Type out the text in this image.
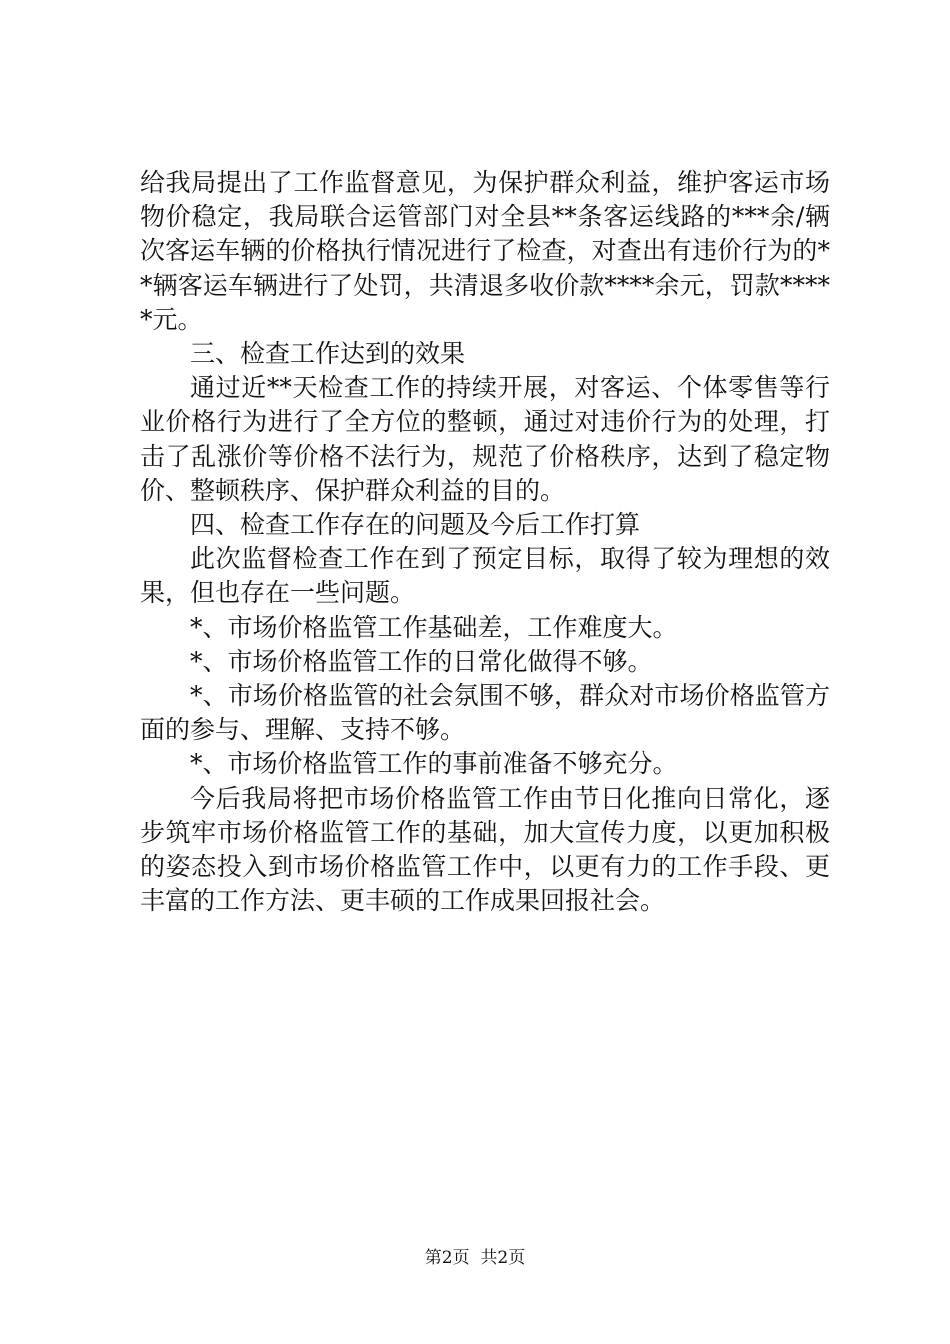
给我局提出了工作监督意见，为保护群众利益，维护客运市场物价稳定，我局联合运管部门对全县**条客运线路的***余/辆次客运车辆的价格执行情况进行了检查，对查出有违价行为的**辆客运车辆进行了处罚，共清退多收价款****余元，罚款*****元。

三、检查工作达到的效果

通过近**天检查工作的持续开展，对客运、个体零售等行业价格行为进行了全方位的整顿，通过对违价行为的处理，打击了乱涨价等价格不法行为，规范了价格秩序，达到了稳定物价、整顿秩序、保护群众利益的目的。

四、检查工作存在的问题及今后工作打算

此次监督检查工作在到了预定目标，取得了较为理想的效果，但也存在一些问题。

*、市场价格监管工作基础差，工作难度大。

*、市场价格监管工作的日常化做得不够。

*、市场价格监管的社会氛围不够，群众对市场价格监管方面的参与、理解、支持不够。

*、市场价格监管工作的事前准备不够充分。

今后我局将把市场价格监管工作由节日化推向日常化，逐步筑牢市场价格监管工作的基础，加大宣传力度，以更加积极的姿态投入到市场价格监管工作中，以更有力的工作手段、更丰富的工作方法、更丰硕的工作成果回报社会。

第2页  共2页
